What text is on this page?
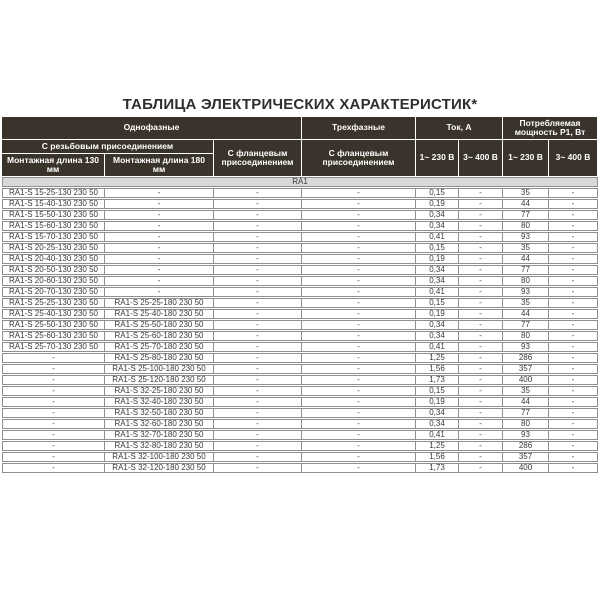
ТАБЛИЦА ЭЛЕКТРИЧЕСКИХ ХАРАКТЕРИСТИК*
Однофазные			Трехфазные	Ток, А		Потребляемая мощность Р1, Вт	
С резьбовым присоединением		С фланцевым присоединением	С фланцевым присоединением	1~ 230 В	3~ 400 В	1~ 230 В	3~ 400 В
Монтажная длина 130 мм	Монтажная длина 180 мм						
RA1							
RA1-S 15-25-130 230 50	-	-	-	0,15	-	35	-
RA1-S 15-40-130 230 50	-	-	-	0,19	-	44	-
RA1-S 15-50-130 230 50	-	-	-	0,34	-	77	-
RA1-S 15-60-130 230 50	-	-	-	0,34	-	80	-
RA1-S 15-70-130 230 50	-	-	-	0,41	-	93	-
RA1-S 20-25-130 230 50	-	-	-	0,15	-	35	-
RA1-S 20-40-130 230 50	-	-	-	0,19	-	44	-
RA1-S 20-50-130 230 50	-	-	-	0,34	-	77	-
RA1-S 20-60-130 230 50	-	-	-	0,34	-	80	-
RA1-S 20-70-130 230 50	-	-	-	0,41	-	93	-
RA1-S 25-25-130 230 50	RA1-S 25-25-180 230 50	-	-	0,15	-	35	-
RA1-S 25-40-130 230 50	RA1-S 25-40-180 230 50	-	-	0,19	-	44	-
RA1-S 25-50-130 230 50	RA1-S 25-50-180 230 50	-	-	0,34	-	77	-
RA1-S 25-60-130 230 50	RA1-S 25-60-180 230 50	-	-	0,34	-	80	-
RA1-S 25-70-130 230 50	RA1-S 25-70-180 230 50	-	-	0,41	-	93	-
-	RA1-S 25-80-180 230 50	-	-	1,25	-	286	-
-	RA1-S 25-100-180 230 50	-	-	1,56	-	357	-
-	RA1-S 25-120-180 230 50	-	-	1,73	-	400	-
-	RA1-S 32-25-180 230 50	-	-	0,15	-	35	-
-	RA1-S 32-40-180 230 50	-	-	0,19	-	44	-
-	RA1-S 32-50-180 230 50	-	-	0,34	-	77	-
-	RA1-S 32-60-180 230 50	-	-	0,34	-	80	-
-	RA1-S 32-70-180 230 50	-	-	0,41	-	93	-
-	RA1-S 32-80-180 230 50	-	-	1,25	-	286	-
-	RA1-S 32-100-180 230 50	-	-	1,56	-	357	-
-	RA1-S 32-120-180 230 50	-	-	1,73	-	400	-
